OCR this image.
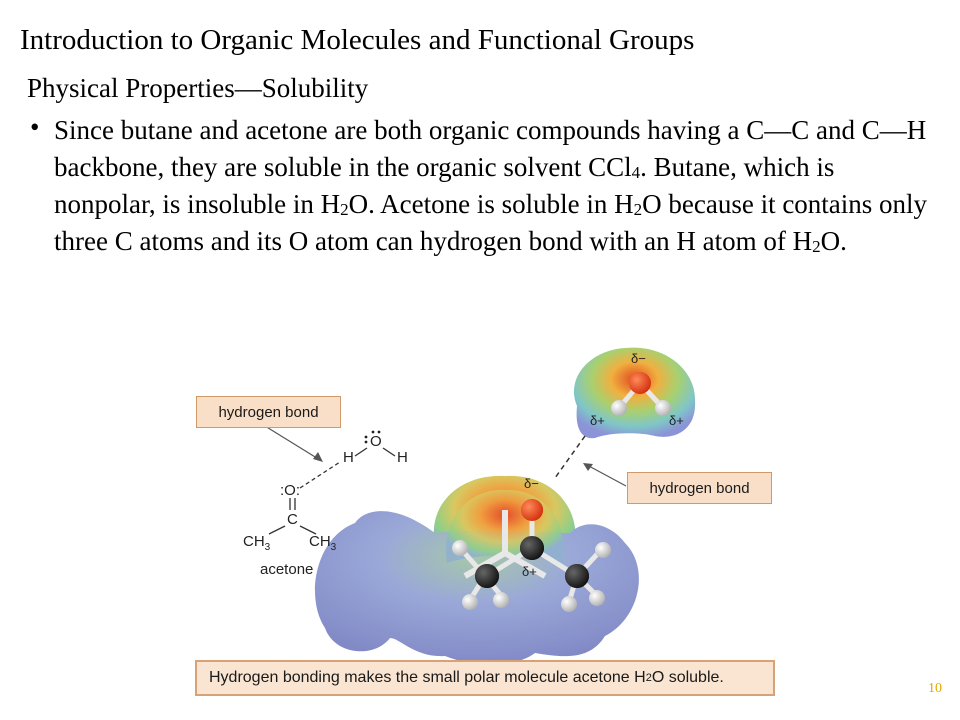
Introduction to Organic Molecules and Functional Groups
Physical Properties—Solubility
• Since butane and acetone are both organic compounds having a C—C and C—H backbone, they are soluble in the organic solvent CCl$_4$. Butane, which is nonpolar, is insoluble in $H_2O$. Acetone is soluble in $H_2O$ because it contains only three C atoms and its O atom can hydrogen bond with an H atom of $H_2O$.
δ−
δ+
δ−
δ+	δ+
:O:
C
$CH_3$	$CH_3$
acetone
H
O
H
hydrogen bond
hydrogen bond
Hydrogen bonding makes the small polar molecule acetone H 2 O soluble.
10
